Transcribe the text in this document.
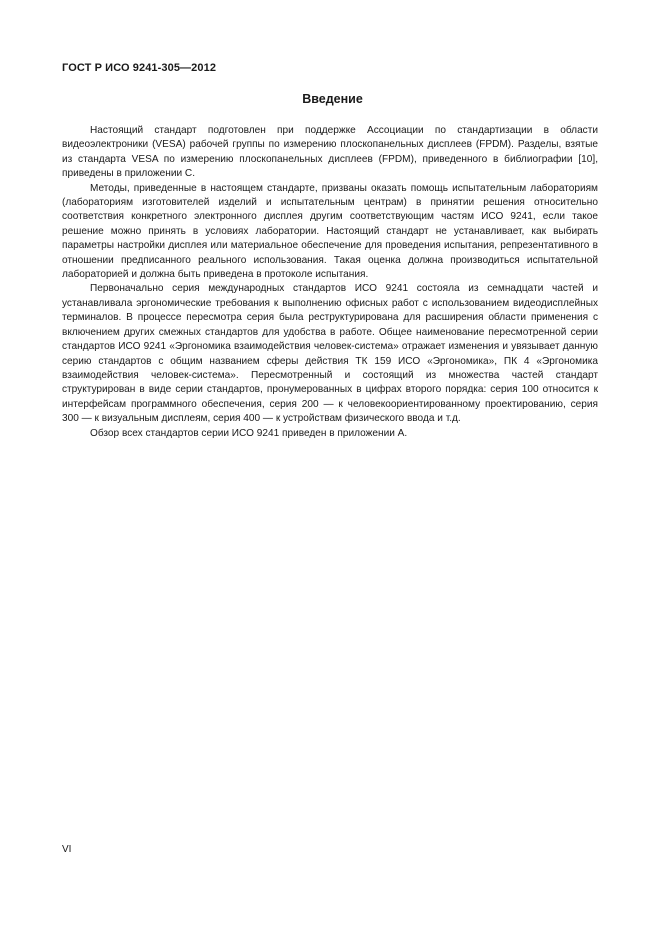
ГОСТ Р ИСО 9241-305—2012
Введение

Настоящий стандарт подготовлен при поддержке Ассоциации по стандартизации в области видеоэлектроники (VESA) рабочей группы по измерению плоскопанельных дисплеев (FPDM). Разделы, взятые из стандарта VESA по измерению плоскопанельных дисплеев (FPDM), приведенного в библиографии [10], приведены в приложении С.

Методы, приведенные в настоящем стандарте, призваны оказать помощь испытательным лабораториям (лабораториям изготовителей изделий и испытательным центрам) в принятии решения относительно соответствия конкретного электронного дисплея другим соответствующим частям ИСО 9241, если такое решение можно принять в условиях лаборатории. Настоящий стандарт не устанавливает, как выбирать параметры настройки дисплея или материальное обеспечение для проведения испытания, репрезентативного в отношении предписанного реального использования. Такая оценка должна производиться испытательной лабораторией и должна быть приведена в протоколе испытания.

Первоначально серия международных стандартов ИСО 9241 состояла из семнадцати частей и устанавливала эргономические требования к выполнению офисных работ с использованием видеодисплейных терминалов. В процессе пересмотра серия была реструктурирована для расширения области применения с включением других смежных стандартов для удобства в работе. Общее наименование пересмотренной серии стандартов ИСО 9241 «Эргономика взаимодействия человек-система» отражает изменения и увязывает данную серию стандартов с общим названием сферы действия ТК 159 ИСО «Эргономика», ПК 4 «Эргономика взаимодействия человек-система». Пересмотренный и состоящий из множества частей стандарт структурирован в виде серии стандартов, пронумерованных в цифрах второго порядка: серия 100 относится к интерфейсам программного обеспечения, серия 200 — к человекоориентированному проектированию, серия 300 — к визуальным дисплеям, серия 400 — к устройствам физического ввода и т.д.

Обзор всех стандартов серии ИСО 9241 приведен в приложении А.

VI
